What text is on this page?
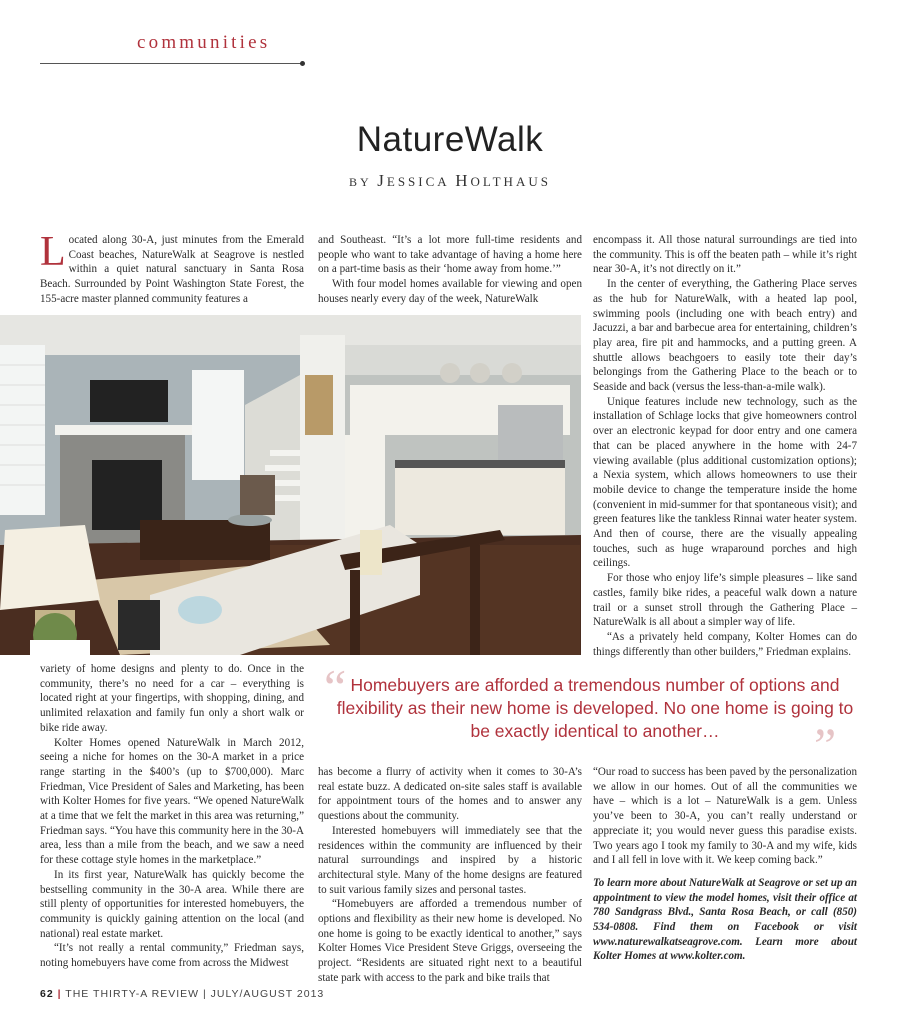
communities
NatureWalk
BY JESSICA HOLTHAUS

Located along 30-A, just minutes from the Emerald Coast beaches, NatureWalk at Seagrove is nestled within a quiet natural sanctuary in Santa Rosa Beach. Surrounded by Point Washington State Forest, the 155-acre master planned community features a

and Southeast. “It’s a lot more full-time residents and people who want to take advantage of having a home here on a part-time basis as their ‘home away from home.’”

With four model homes available for viewing and open houses nearly every day of the week, NatureWalk

encompass it. All those natural surroundings are tied into the community. This is off the beaten path – while it’s right near 30-A, it’s not directly on it.”

In the center of everything, the Gathering Place serves as the hub for NatureWalk, with a heated lap pool, swimming pools (including one with beach entry) and Jacuzzi, a bar and barbecue area for entertaining, children’s play area, fire pit and hammocks, and a putting green. A shuttle allows beachgoers to easily tote their day’s belongings from the Gathering Place to the beach or to Seaside and back (versus the less-than-a-mile walk).

Unique features include new technology, such as the installation of Schlage locks that give homeowners control over an electronic keypad for door entry and one camera that can be placed anywhere in the home with 24-7 viewing available (plus additional customization options); a Nexia system, which allows homeowners to use their mobile device to change the temperature inside the home (convenient in mid-summer for that spontaneous visit); and green features like the tankless Rinnai water heater system. And then of course, there are the visually appealing touches, such as huge wraparound porches and high ceilings.

For those who enjoy life’s simple pleasures – like sand castles, family bike rides, a peaceful walk down a nature trail or a sunset stroll through the Gathering Place – NatureWalk is all about a simpler way of life.

“As a privately held company, Kolter Homes can do things differently than other builders,” Friedman explains.

variety of home designs and plenty to do. Once in the community, there’s no need for a car – everything is located right at your fingertips, with shopping, dining, and unlimited relaxation and family fun only a short walk or bike ride away.

Kolter Homes opened NatureWalk in March 2012, seeing a niche for homes on the 30-A market in a price range starting in the $400’s (up to $700,000). Marc Friedman, Vice President of Sales and Marketing, has been with Kolter Homes for five years. “We opened NatureWalk at a time that we felt the market in this area was returning,” Friedman says. “You have this community here in the 30-A area, less than a mile from the beach, and we saw a need for these cottage style homes in the marketplace.”

In its first year, NatureWalk has quickly become the bestselling community in the 30-A area. While there are still plenty of opportunities for interested homebuyers, the community is quickly gaining attention on the local (and national) real estate market.

“It’s not really a rental community,” Friedman says, noting homebuyers have come from across the Midwest

“ Homebuyers are afforded a tremendous number of options and flexibility as their new home is developed. No one home is going to be exactly identical to another…	”

has become a flurry of activity when it comes to 30-A’s real estate buzz. A dedicated on-site sales staff is available for appointment tours of the homes and to answer any questions about the community.

Interested homebuyers will immediately see that the residences within the community are influenced by their natural surroundings and inspired by a historic architectural style. Many of the home designs are featured to suit various family sizes and personal tastes.

“Homebuyers are afforded a tremendous number of options and flexibility as their new home is developed. No one home is going to be exactly identical to another,” says Kolter Homes Vice President Steve Griggs, overseeing the project. “Residents are situated right next to a beautiful state park with access to the park and bike trails that

“Our road to success has been paved by the personalization we allow in our homes. Out of all the communities we have – which is a lot – NatureWalk is a gem. Unless you’ve been to 30-A, you can’t really understand or appreciate it; you would never guess this paradise exists. Two years ago I took my family to 30-A and my wife, kids and I all fell in love with it. We keep coming back.”

To learn more about NatureWalk at Seagrove or set up an appointment to view the model homes, visit their office at 780 Sandgrass Blvd., Santa Rosa Beach, or call (850) 534-0808. Find them on Facebook or visit www.naturewalkatseagrove.com. Learn more about Kolter Homes at www.kolter.com.

62 | THE THIRTY-A REVIEW | JULY/AUGUST 2013
